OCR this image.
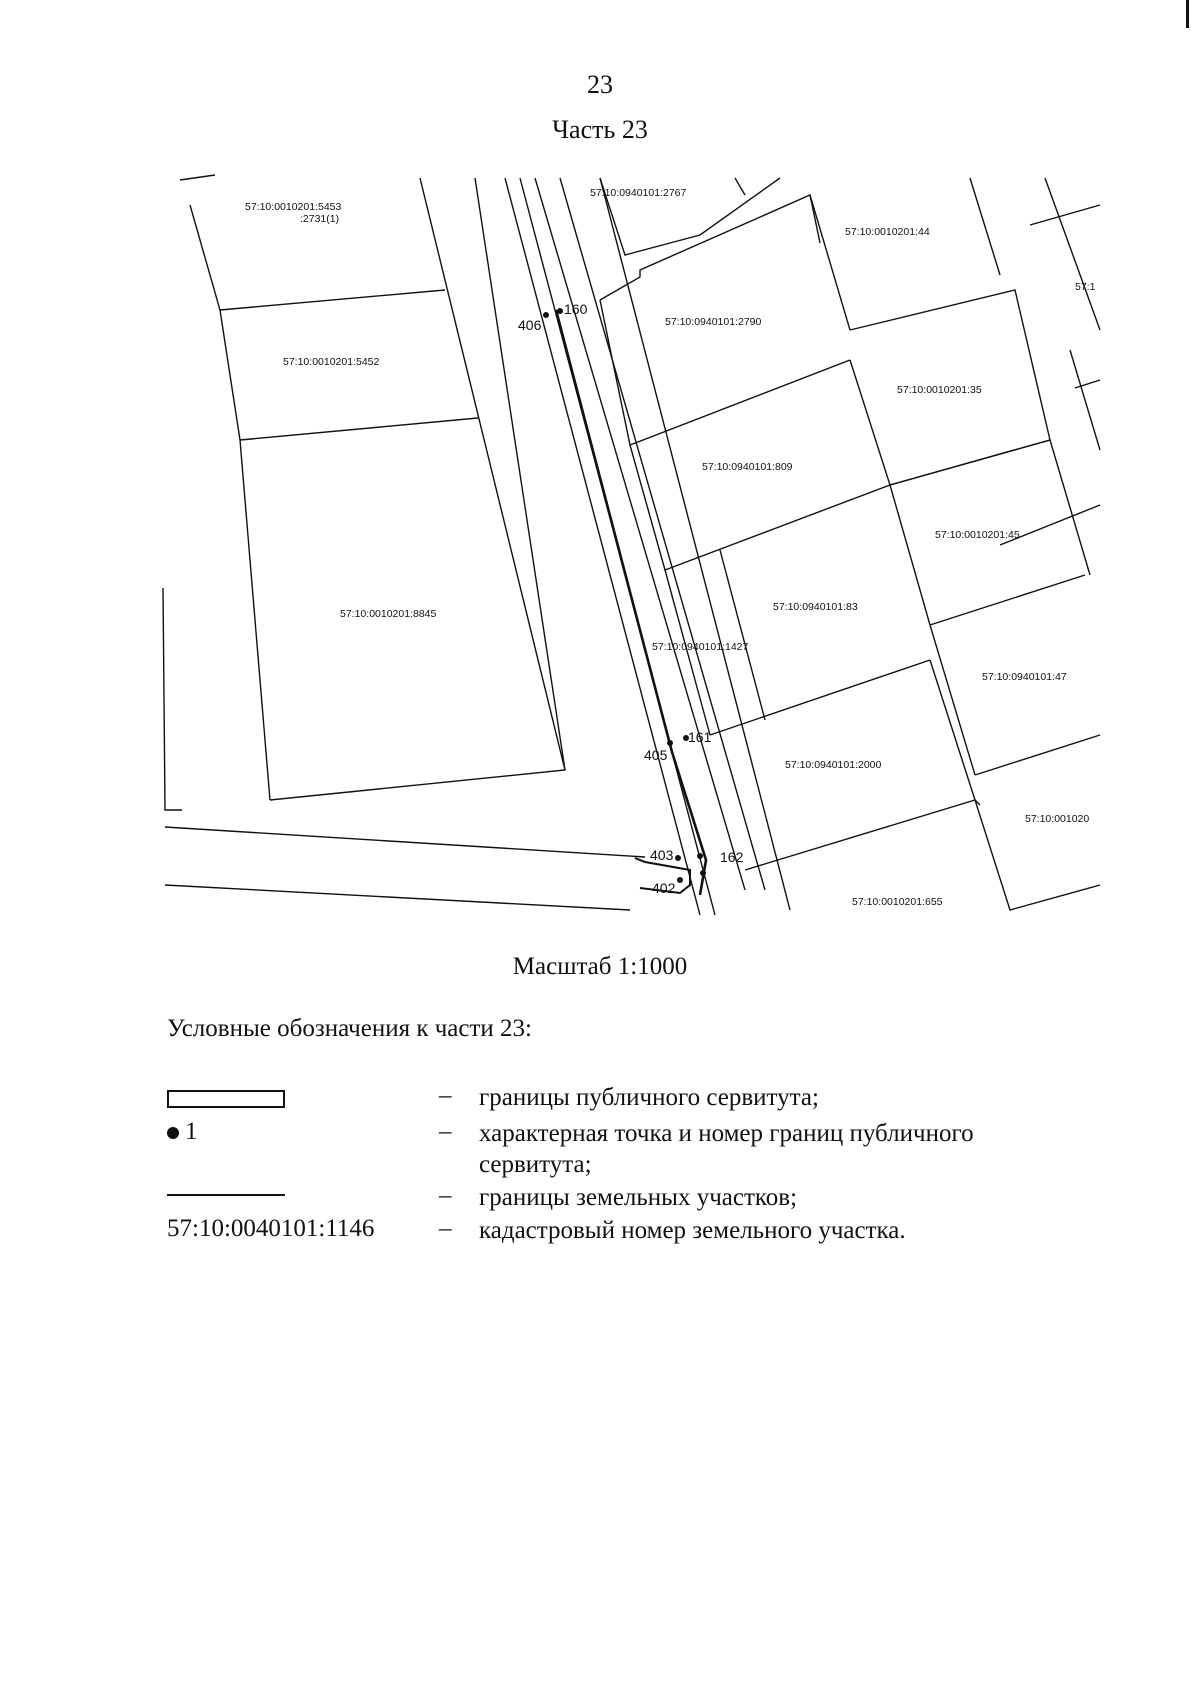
23
Часть 23
57:10:0010201:5453
:2731(1)
57:10:0940101:2767
57:10:0010201:44
57:10:0010201:5452
57:10:0940101:2790
57:10:0010201:35
57:10:0940101:809
57:10:0010201:45
57:10:0010201:8845
57:10:0940101:83
57:10:0940101:1427
57:10:0940101:47
57:10:0940101:2000
57:10:001020
57:10:0010201:655
57:1
406
160
405
161
403	162
402
Масштаб 1:1000
Условные обозначения к части 23:
– границы публичного сервитута;
1	– характерная точка и номер границ публичного сервитута;
– границы земельных участков;
57:10:0040101:1146	– кадастровый номер земельного участка.
